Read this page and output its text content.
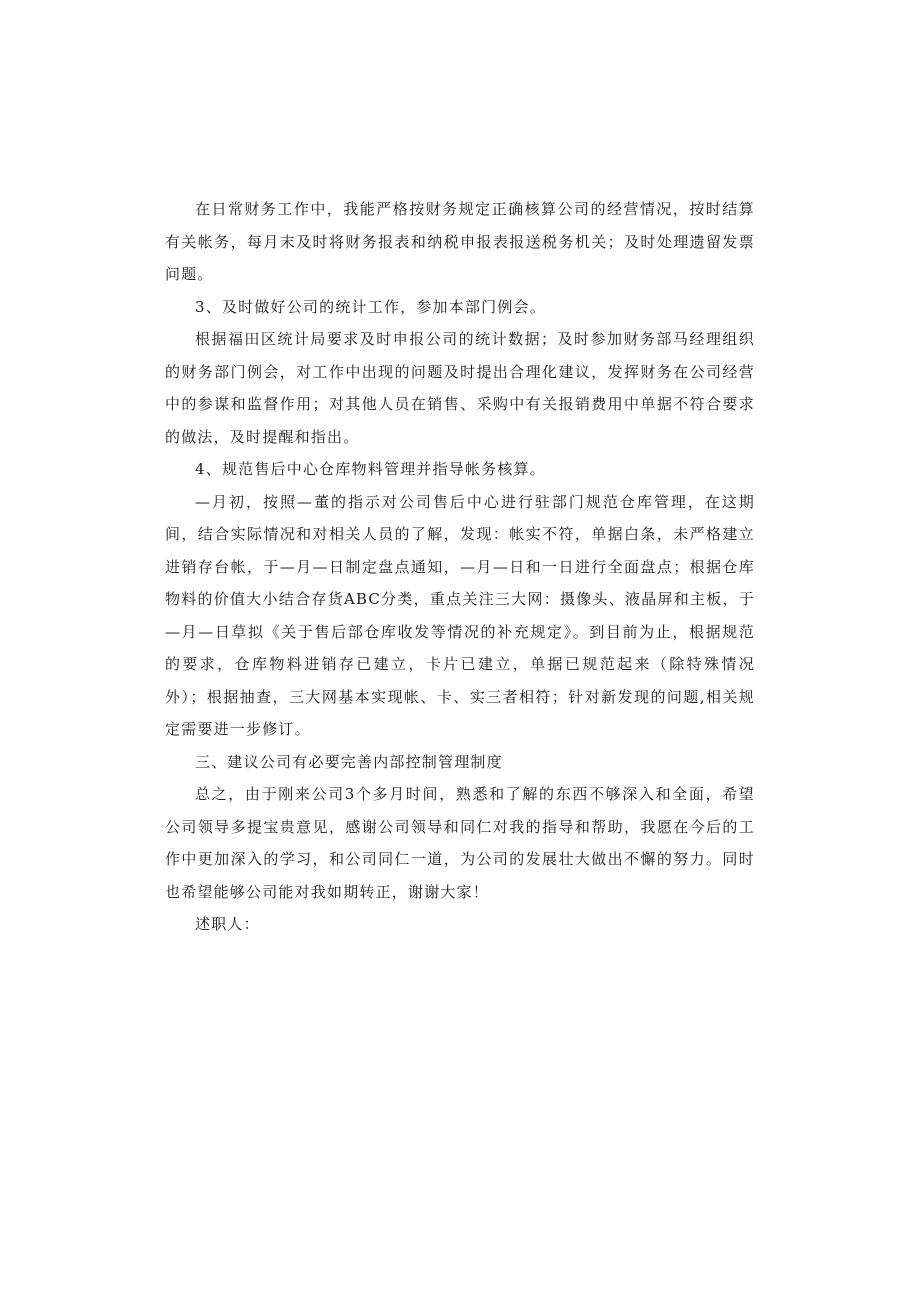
在日常财务工作中，我能严格按财务规定正确核算公司的经营情况，按时结算有关帐务，每月末及时将财务报表和纳税申报表报送税务机关；及时处理遗留发票问题。

3、及时做好公司的统计工作，参加本部门例会。

根据福田区统计局要求及时申报公司的统计数据；及时参加财务部马经理组织的财务部门例会，对工作中出现的问题及时提出合理化建议，发挥财务在公司经营中的参谋和监督作用；对其他人员在销售、采购中有关报销费用中单据不符合要求的做法，及时提醒和指出。

4、规范售后中心仓库物料管理并指导帐务核算。

—月初，按照—董的指示对公司售后中心进行驻部门规范仓库管理，在这期间，结合实际情况和对相关人员的了解，发现：帐实不符，单据白条，未严格建立进销存台帐，于—月—日制定盘点通知，—月—日和一日进行全面盘点；根据仓库物料的价值大小结合存货ABC分类，重点关注三大网：摄像头、液晶屏和主板，于—月—日草拟《关于售后部仓库收发等情况的补充规定》。到目前为止，根据规范的要求，仓库物料进销存已建立，卡片已建立，单据已规范起来（除特殊情况外）；根据抽查，三大网基本实现帐、卡、实三者相符；针对新发现的问题,相关规定需要进一步修订。

三、建议公司有必要完善内部控制管理制度

总之，由于刚来公司3个多月时间，熟悉和了解的东西不够深入和全面，希望公司领导多提宝贵意见，感谢公司领导和同仁对我的指导和帮助，我愿在今后的工作中更加深入的学习，和公司同仁一道，为公司的发展壮大做出不懈的努力。同时也希望能够公司能对我如期转正，谢谢大家！

述职人：
